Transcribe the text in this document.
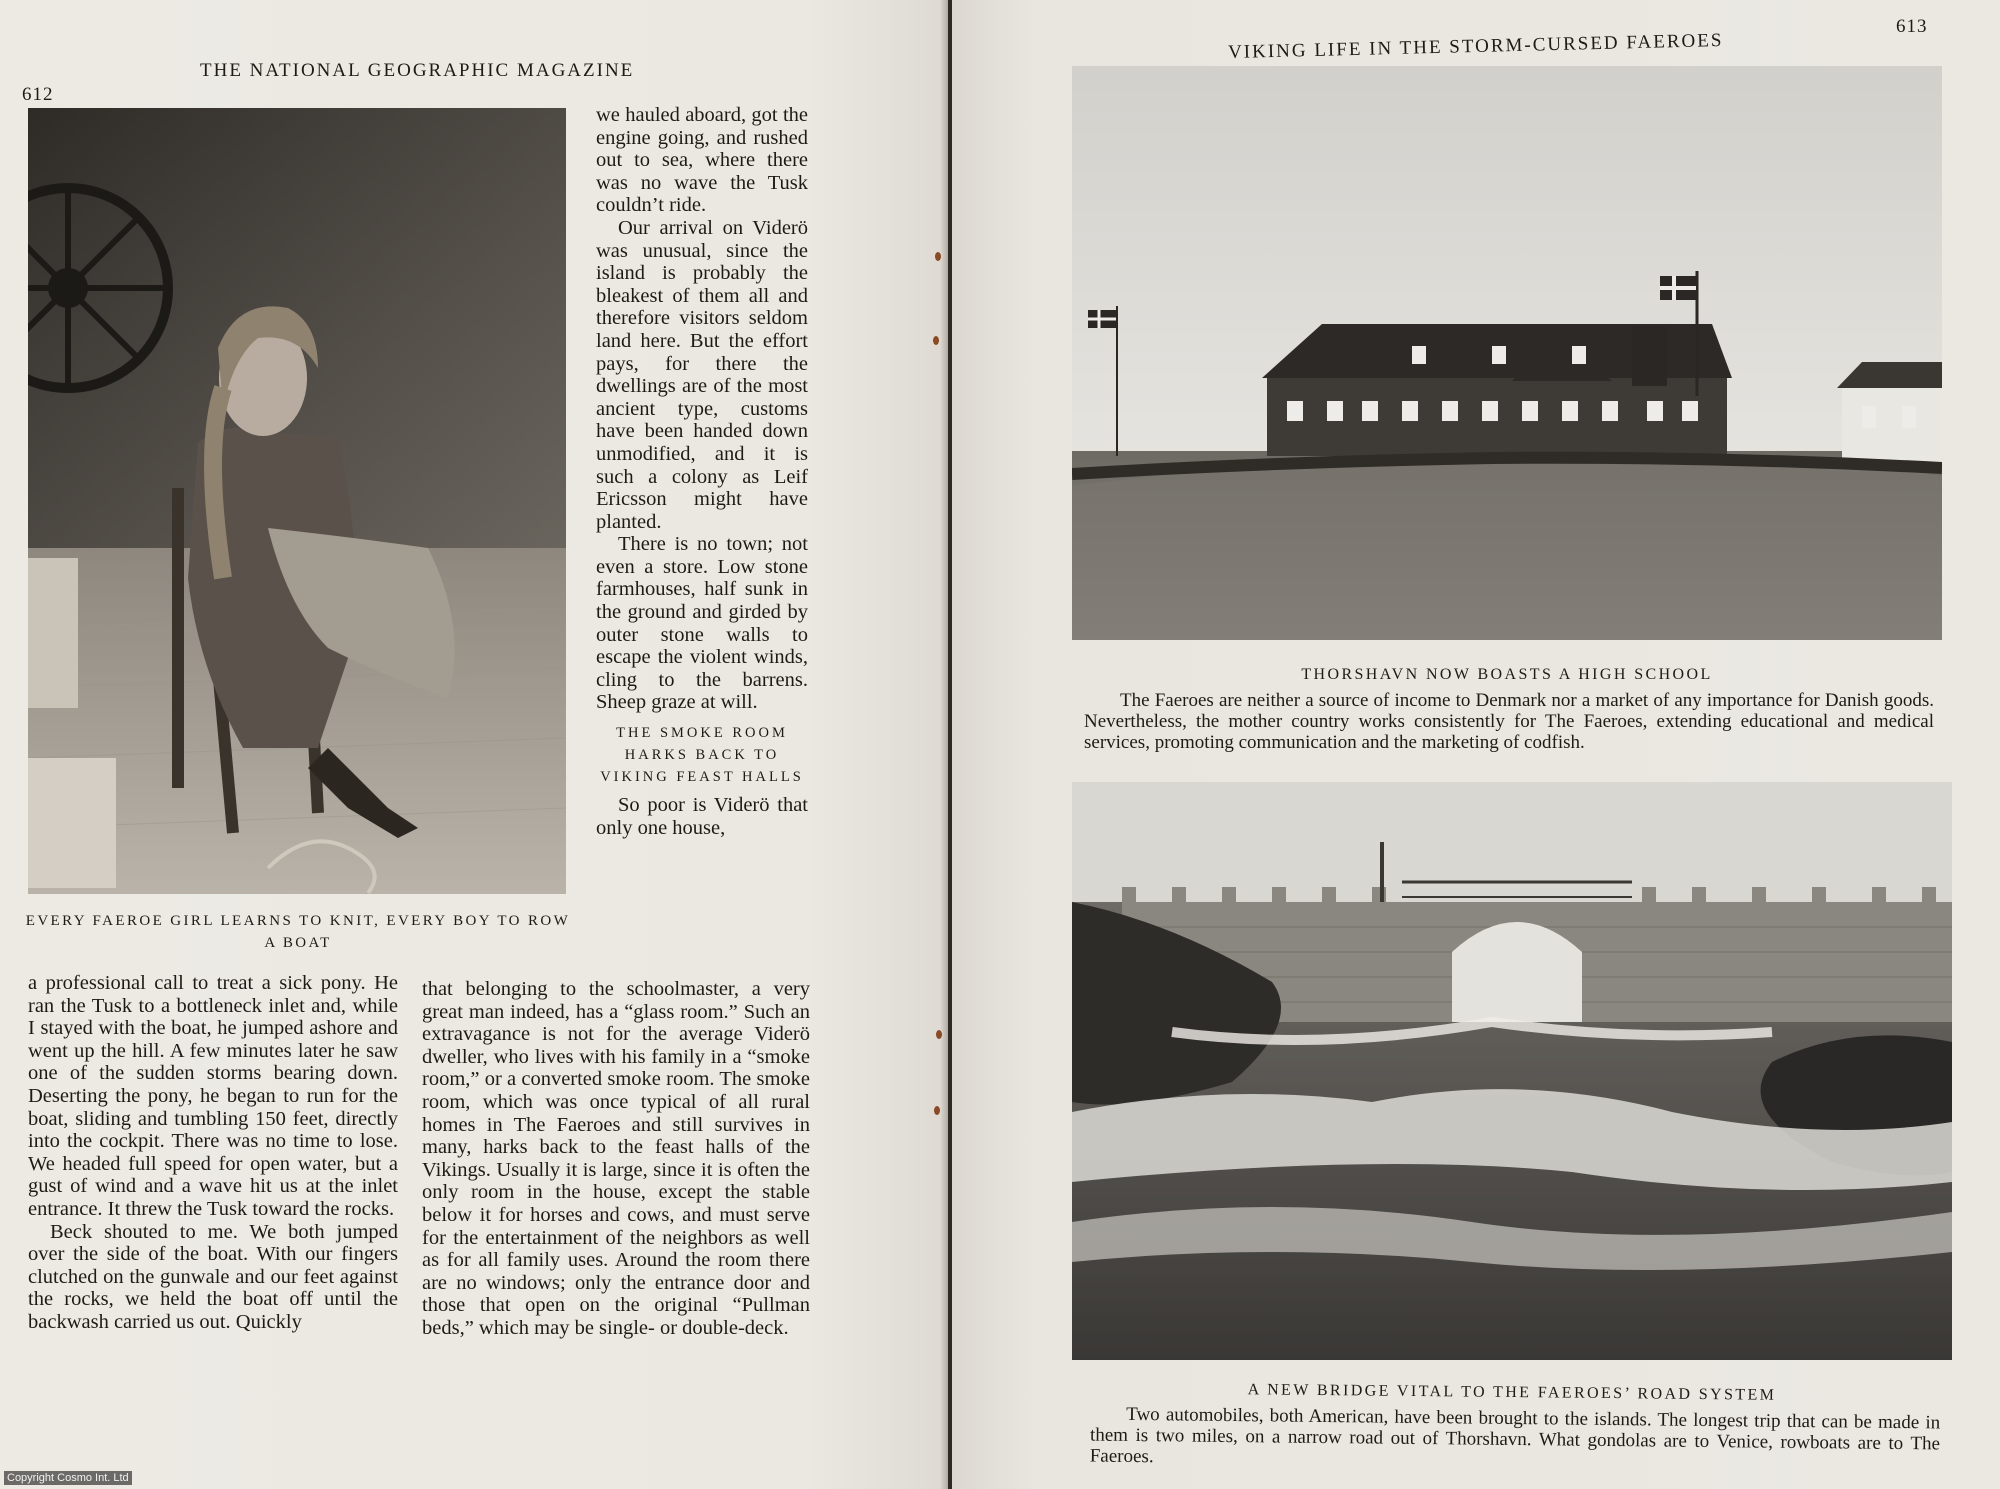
612
THE NATIONAL GEOGRAPHIC MAGAZINE
EVERY FAEROE GIRL LEARNS TO KNIT, EVERY BOY TO ROW A BOAT

we hauled aboard, got the engine going, and rushed out to sea, where there was no wave the Tusk couldn’t ride.

Our arrival on Viderö was unusual, since the island is probably the bleakest of them all and therefore visitors seldom land here. But the effort pays, for there the dwellings are of the most ancient type, customs have been handed down unmodified, and it is such a colony as Leif Ericsson might have planted.

There is no town; not even a store. Low stone farmhouses, half sunk in the ground and girded by outer stone walls to escape the violent winds, cling to the barrens. Sheep graze at will.

THE SMOKE ROOM HARKS BACK TO VIKING FEAST HALLS

So poor is Viderö that only one house,

a professional call to treat a sick pony. He ran the Tusk to a bottleneck inlet and, while I stayed with the boat, he jumped ashore and went up the hill. A few minutes later he saw one of the sudden storms bearing down. Deserting the pony, he began to run for the boat, sliding and tumbling 150 feet, directly into the cockpit. There was no time to lose. We headed full speed for open water, but a gust of wind and a wave hit us at the inlet entrance. It threw the Tusk toward the rocks.

Beck shouted to me. We both jumped over the side of the boat. With our fingers clutched on the gunwale and our feet against the rocks, we held the boat off until the backwash carried us out. Quickly

that belonging to the schoolmaster, a very great man indeed, has a “glass room.” Such an extravagance is not for the average Viderö dweller, who lives with his family in a “smoke room,” or a converted smoke room. The smoke room, which was once typical of all rural homes in The Faeroes and still survives in many, harks back to the feast halls of the Vikings. Usually it is large, since it is often the only room in the house, except the stable below it for horses and cows, and must serve for the entertainment of the neighbors as well as for all family uses. Around the room there are no windows; only the entrance door and those that open on the original “Pullman beds,” which may be single- or double-deck.

VIKING LIFE IN THE STORM-CURSED FAEROES
613
THORSHAVN NOW BOASTS A HIGH SCHOOL

The Faeroes are neither a source of income to Denmark nor a market of any importance for Danish goods. Nevertheless, the mother country works consistently for The Faeroes, extending educational and medical services, promoting communication and the marketing of codfish.

A NEW BRIDGE VITAL TO THE FAEROES’ ROAD SYSTEM

Two automobiles, both American, have been brought to the islands. The longest trip that can be made in them is two miles, on a narrow road out of Thorshavn. What gondolas are to Venice, rowboats are to The Faeroes.

Copyright Cosmo Int. Ltd
